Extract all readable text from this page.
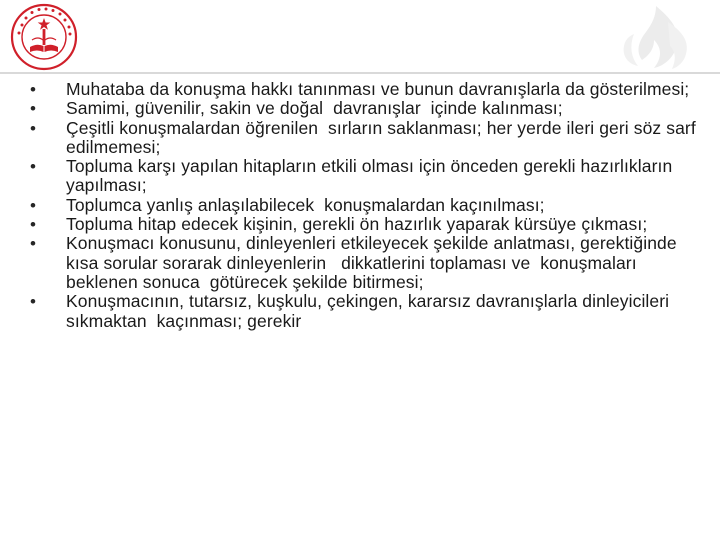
•	Muhataba da konuşma hakkı tanınması ve bunun davranışlarla da gösterilmesi;
•	Samimi, güvenilir, sakin ve doğal  davranışlar  içinde kalınması;
•	Çeşitli konuşmalardan öğrenilen  sırların saklanması; her yerde ileri geri söz sarf  edilmemesi;
•	Topluma karşı yapılan hitapların etkili olması için önceden gerekli hazırlıkların yapılması;
•	Toplumca yanlış anlaşılabilecek  konuşmalardan kaçınılması;
•	Topluma hitap edecek kişinin, gerekli ön hazırlık yaparak kürsüye çıkması;
•	Konuşmacı konusunu, dinleyenleri etkileyecek şekilde anlatması, gerektiğinde kısa sorular sorarak dinleyenlerin   dikkatlerini toplaması ve  konuşmaları beklenen sonuca  götürecek şekilde bitirmesi;
•	Konuşmacının, tutarsız, kuşkulu, çekingen, kararsız davranışlarla dinleyicileri sıkmaktan  kaçınması; gerekir
